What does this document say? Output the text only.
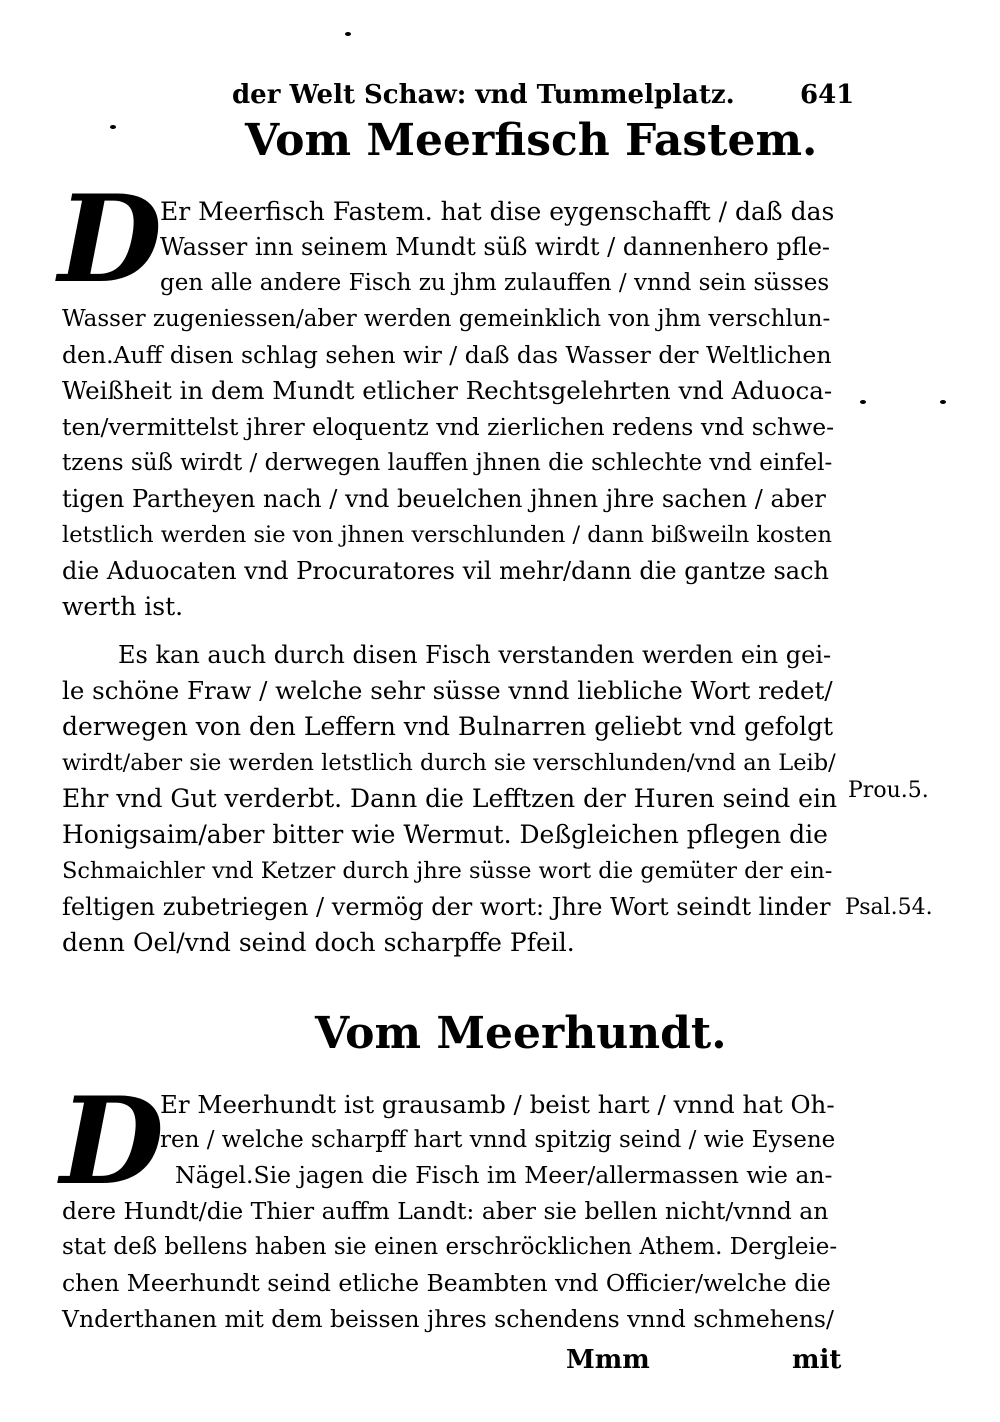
der Welt Schaw: vnd Tummelplatz.	641
Vom Meerfisch Fastem.
D
Er Meerfisch Fastem. hat dise eygenschafft / daß das
Wasser inn seinem Mundt süß wirdt / dannenhero pfle-
gen alle andere Fisch zu jhm zulauffen / vnnd sein süsses
Wasser zugeniessen/aber werden gemeinklich von jhm verschlun-
den.Auff disen schlag sehen wir / daß das Wasser der Weltlichen
Weißheit in dem Mundt etlicher Rechtsgelehrten vnd Aduoca-
ten/vermittelst jhrer eloquentz vnd zierlichen redens vnd schwe-
tzens süß wirdt / derwegen lauffen jhnen die schlechte vnd einfel-
tigen Partheyen nach / vnd beuelchen jhnen jhre sachen / aber
letstlich werden sie von jhnen verschlunden / dann bißweiln kosten
die Aduocaten vnd Procuratores vil mehr/dann die gantze sach
werth ist.
Es kan auch durch disen Fisch verstanden werden ein gei-
le schöne Fraw / welche sehr süsse vnnd liebliche Wort redet/
derwegen von den Leffern vnd Bulnarren geliebt vnd gefolgt
wirdt/aber sie werden letstlich durch sie verschlunden/vnd an Leib/
Ehr vnd Gut verderbt. Dann die Lefftzen der Huren seind ein
Honigsaim/aber bitter wie Wermut. Deßgleichen pflegen die
Schmaichler vnd Ketzer durch jhre süsse wort die gemüter der ein-
feltigen zubetriegen / vermög der wort: Jhre Wort seindt linder
denn Oel/vnd seind doch scharpffe Pfeil.
Prou.5.
Psal.54.
Vom Meerhundt.
D
Er Meerhundt ist grausamb / beist hart / vnnd hat Oh-
ren / welche scharpff hart vnnd spitzig seind / wie Eysene
Nägel.Sie jagen die Fisch im Meer/allermassen wie an-
dere Hundt/die Thier auffm Landt: aber sie bellen nicht/vnnd an
stat deß bellens haben sie einen erschröcklichen Athem. Dergleie-
chen Meerhundt seind etliche Beambten vnd Officier/welche die
Vnderthanen mit dem beissen jhres schendens vnnd schmehens/
Mmm	mit
